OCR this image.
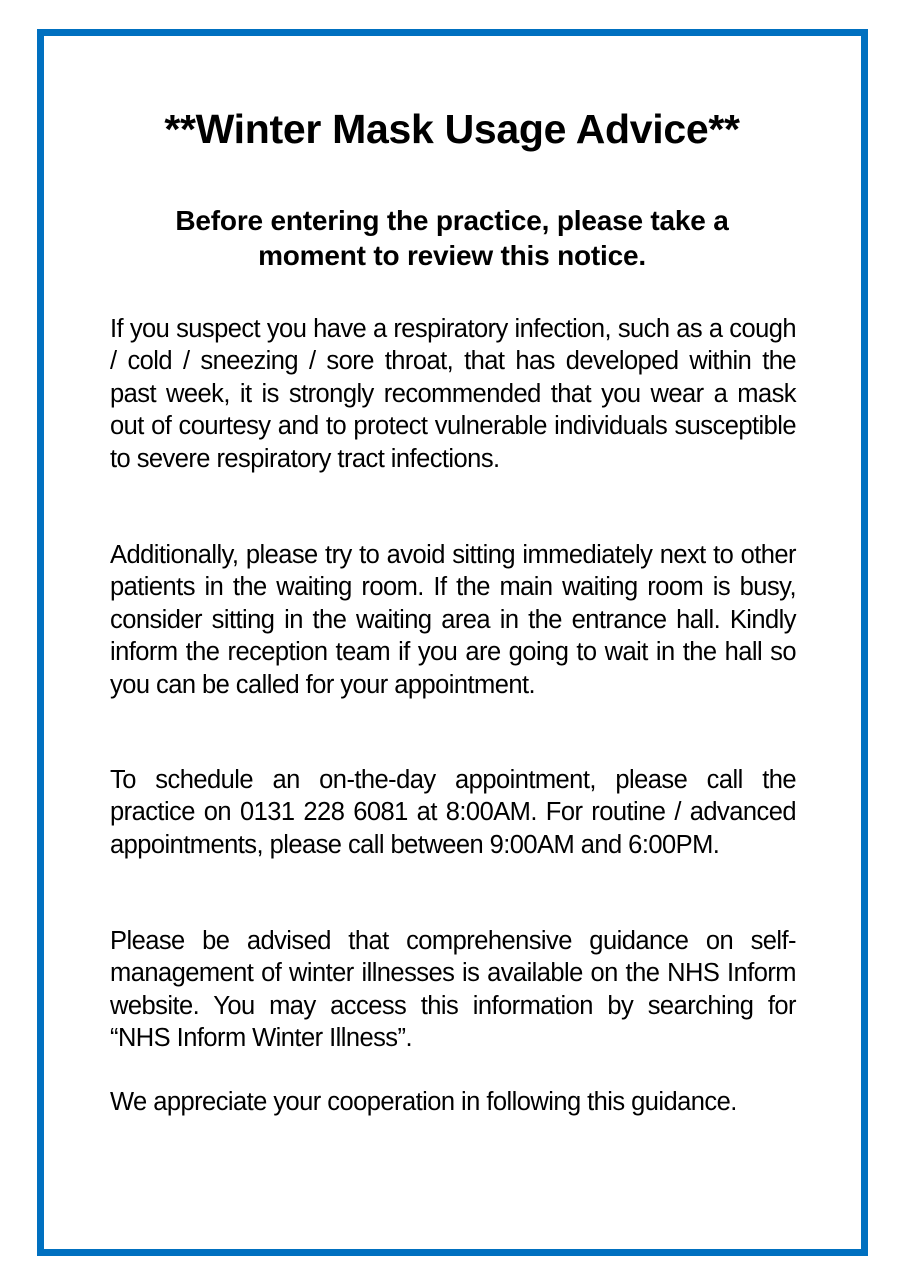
**Winter Mask Usage Advice**
Before entering the practice, please take a moment to review this notice.

If you suspect you have a respiratory infection, such as a cough / cold / sneezing / sore throat, that has developed within the past week, it is strongly recommended that you wear a mask out of courtesy and to protect vulnerable individuals susceptible to severe respiratory tract infections.

Additionally, please try to avoid sitting immediately next to other patients in the waiting room. If the main waiting room is busy, consider sitting in the waiting area in the entrance hall. Kindly inform the reception team if you are going to wait in the hall so you can be called for your appointment.

To schedule an on-the-day appointment, please call the practice on 0131 228 6081 at 8:00AM. For routine / advanced appointments, please call between 9:00AM and 6:00PM.

Please be advised that comprehensive guidance on self-management of winter illnesses is available on the NHS Inform website. You may access this information by searching for “NHS Inform Winter Illness”.

We appreciate your cooperation in following this guidance.
